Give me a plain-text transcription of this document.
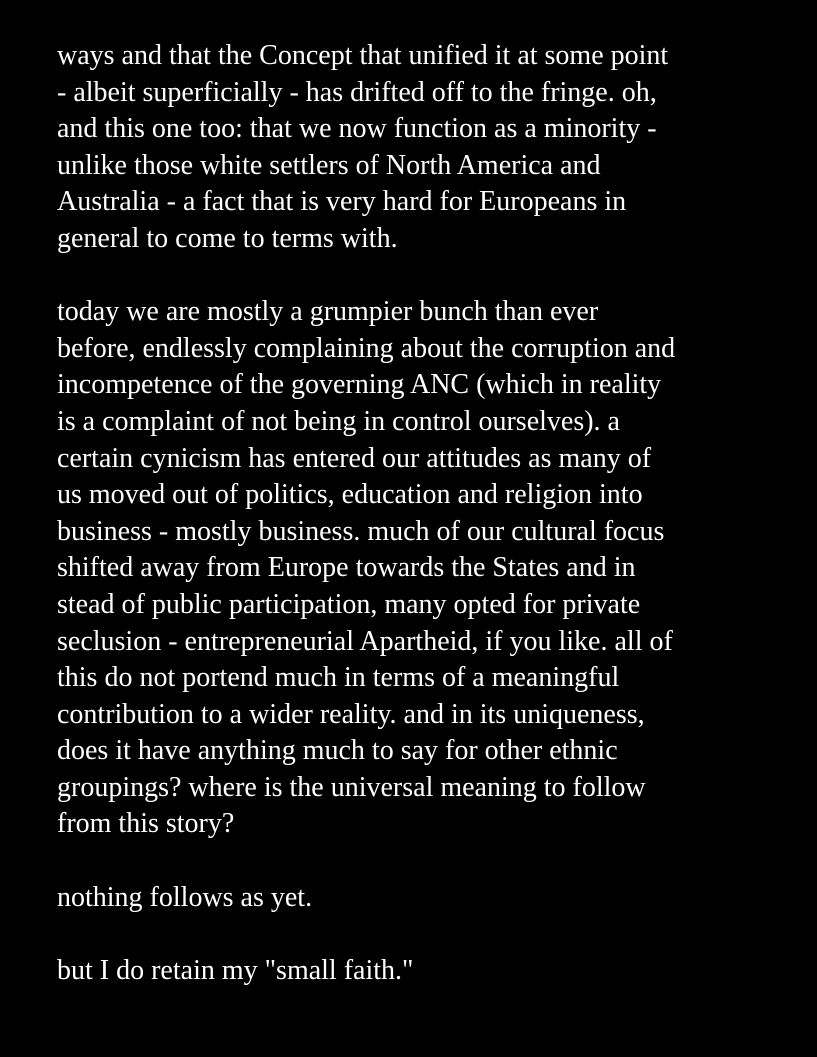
ways and that the Concept that unified it at some point
- albeit superficially - has drifted off to the fringe. oh,
and this one too: that we now function as a minority -
unlike those white settlers of North America and
Australia - a fact that is very hard for Europeans in
general to come to terms with.
today we are mostly a grumpier bunch than ever
before, endlessly complaining about the corruption and
incompetence of the governing ANC (which in reality
is a complaint of not being in control ourselves). a
certain cynicism has entered our attitudes as many of
us moved out of politics, education and religion into
business - mostly business. much of our cultural focus
shifted away from Europe towards the States and in
stead of public participation, many opted for private
seclusion - entrepreneurial Apartheid, if you like. all of
this do not portend much in terms of a meaningful
contribution to a wider reality. and in its uniqueness,
does it have anything much to say for other ethnic
groupings? where is the universal meaning to follow
from this story?
nothing follows as yet.
but I do retain my "small faith."
